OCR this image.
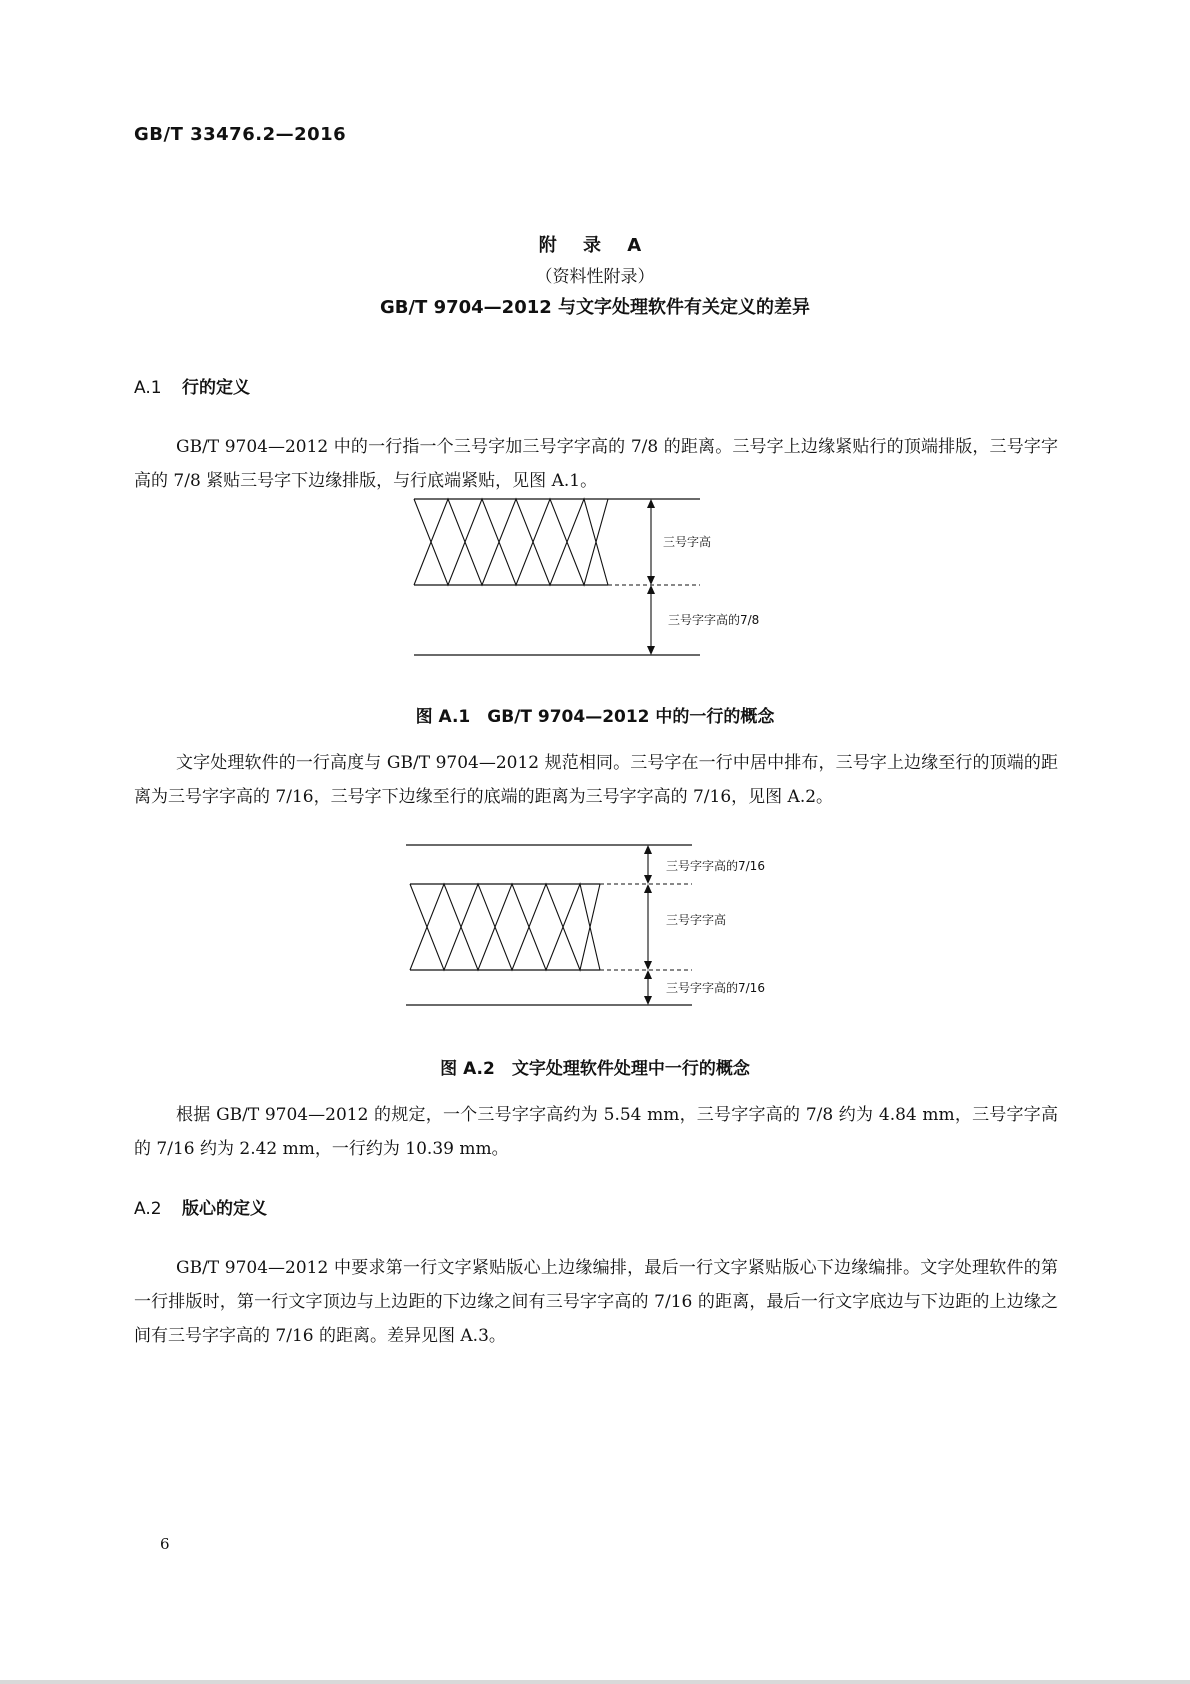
GB/T 33476.2—2016
附 录 A
（资料性附录）
GB/T 9704—2012 与文字处理软件有关定义的差异
A.1 行的定义
GB/T 9704—2012 中的一行指一个三号字加三号字字高的 7/8 的距离。三号字上边缘紧贴行的顶端排版，三号字字高的 7/8 紧贴三号字下边缘排版，与行底端紧贴，见图 A.1。
三号字高
三号字字高的7/8
图 A.1　GB/T 9704—2012 中的一行的概念
文字处理软件的一行高度与 GB/T 9704—2012 规范相同。三号字在一行中居中排布，三号字上边缘至行的顶端的距离为三号字字高的 7/16，三号字下边缘至行的底端的距离为三号字字高的 7/16，见图 A.2。
三号字字高的7/16
三号字字高
三号字字高的7/16
图 A.2　文字处理软件处理中一行的概念
根据 GB/T 9704—2012 的规定，一个三号字字高约为 5.54 mm，三号字字高的 7/8 约为 4.84 mm，三号字字高的 7/16 约为 2.42 mm，一行约为 10.39 mm。
A.2 版心的定义
GB/T 9704—2012 中要求第一行文字紧贴版心上边缘编排，最后一行文字紧贴版心下边缘编排。文字处理软件的第一行排版时，第一行文字顶边与上边距的下边缘之间有三号字字高的 7/16 的距离，最后一行文字底边与下边距的上边缘之间有三号字字高的 7/16 的距离。差异见图 A.3。
6
